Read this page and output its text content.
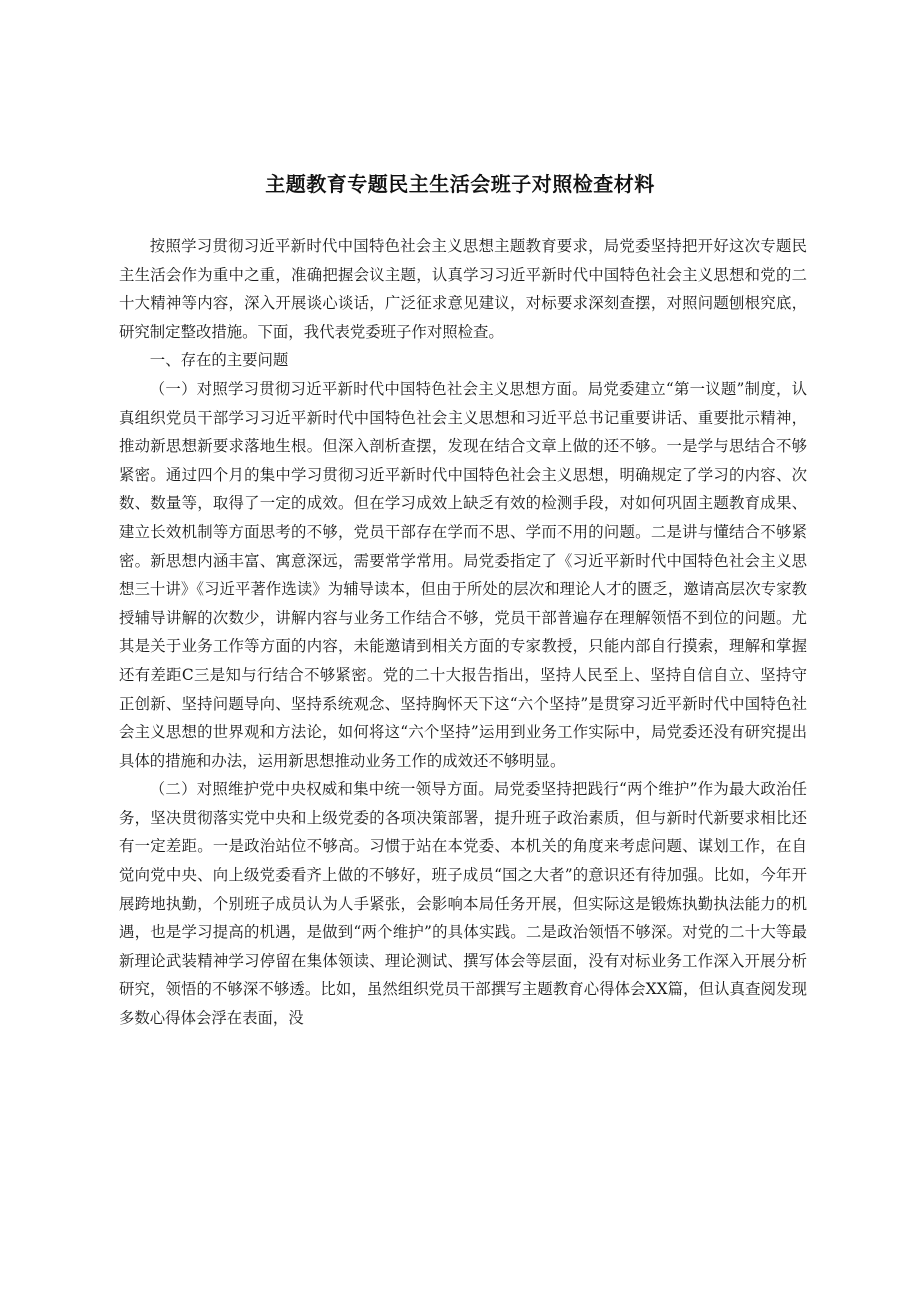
主题教育专题民主生活会班子对照检查材料

按照学习贯彻习近平新时代中国特色社会主义思想主题教育要求，局党委坚持把开好这次专题民主生活会作为重中之重，准确把握会议主题，认真学习习近平新时代中国特色社会主义思想和党的二十大精神等内容，深入开展谈心谈话，广泛征求意见建议，对标要求深刻查摆，对照问题刨根究底，研究制定整改措施。下面，我代表党委班子作对照检查。

一、存在的主要问题

（一）对照学习贯彻习近平新时代中国特色社会主义思想方面。局党委建立“第一议题”制度，认真组织党员干部学习习近平新时代中国特色社会主义思想和习近平总书记重要讲话、重要批示精神，推动新思想新要求落地生根。但深入剖析查摆，发现在结合文章上做的还不够。一是学与思结合不够紧密。通过四个月的集中学习贯彻习近平新时代中国特色社会主义思想，明确规定了学习的内容、次数、数量等，取得了一定的成效。但在学习成效上缺乏有效的检测手段，对如何巩固主题教育成果、建立长效机制等方面思考的不够，党员干部存在学而不思、学而不用的问题。二是讲与懂结合不够紧密。新思想内涵丰富、寓意深远，需要常学常用。局党委指定了《习近平新时代中国特色社会主义思想三十讲》《习近平著作选读》为辅导读本，但由于所处的层次和理论人才的匮乏，邀请高层次专家教授辅导讲解的次数少，讲解内容与业务工作结合不够，党员干部普遍存在理解领悟不到位的问题。尤其是关于业务工作等方面的内容，未能邀请到相关方面的专家教授，只能内部自行摸索，理解和掌握还有差距C三是知与行结合不够紧密。党的二十大报告指出，坚持人民至上、坚持自信自立、坚持守正创新、坚持问题导向、坚持系统观念、坚持胸怀天下这“六个坚持”是贯穿习近平新时代中国特色社会主义思想的世界观和方法论，如何将这“六个坚持”运用到业务工作实际中，局党委还没有研究提出具体的措施和办法，运用新思想推动业务工作的成效还不够明显。

（二）对照维护党中央权威和集中统一领导方面。局党委坚持把践行“两个维护”作为最大政治任务，坚决贯彻落实党中央和上级党委的各项决策部署，提升班子政治素质，但与新时代新要求相比还有一定差距。一是政治站位不够高。习惯于站在本党委、本机关的角度来考虑问题、谋划工作，在自觉向党中央、向上级党委看齐上做的不够好，班子成员“国之大者”的意识还有待加强。比如，今年开展跨地执勤，个别班子成员认为人手紧张，会影响本局任务开展，但实际这是锻炼执勤执法能力的机遇，也是学习提高的机遇，是做到“两个维护”的具体实践。二是政治领悟不够深。对党的二十大等最新理论武装精神学习停留在集体领读、理论测试、撰写体会等层面，没有对标业务工作深入开展分析研究，领悟的不够深不够透。比如，虽然组织党员干部撰写主题教育心得体会XX篇，但认真查阅发现多数心得体会浮在表面，没
